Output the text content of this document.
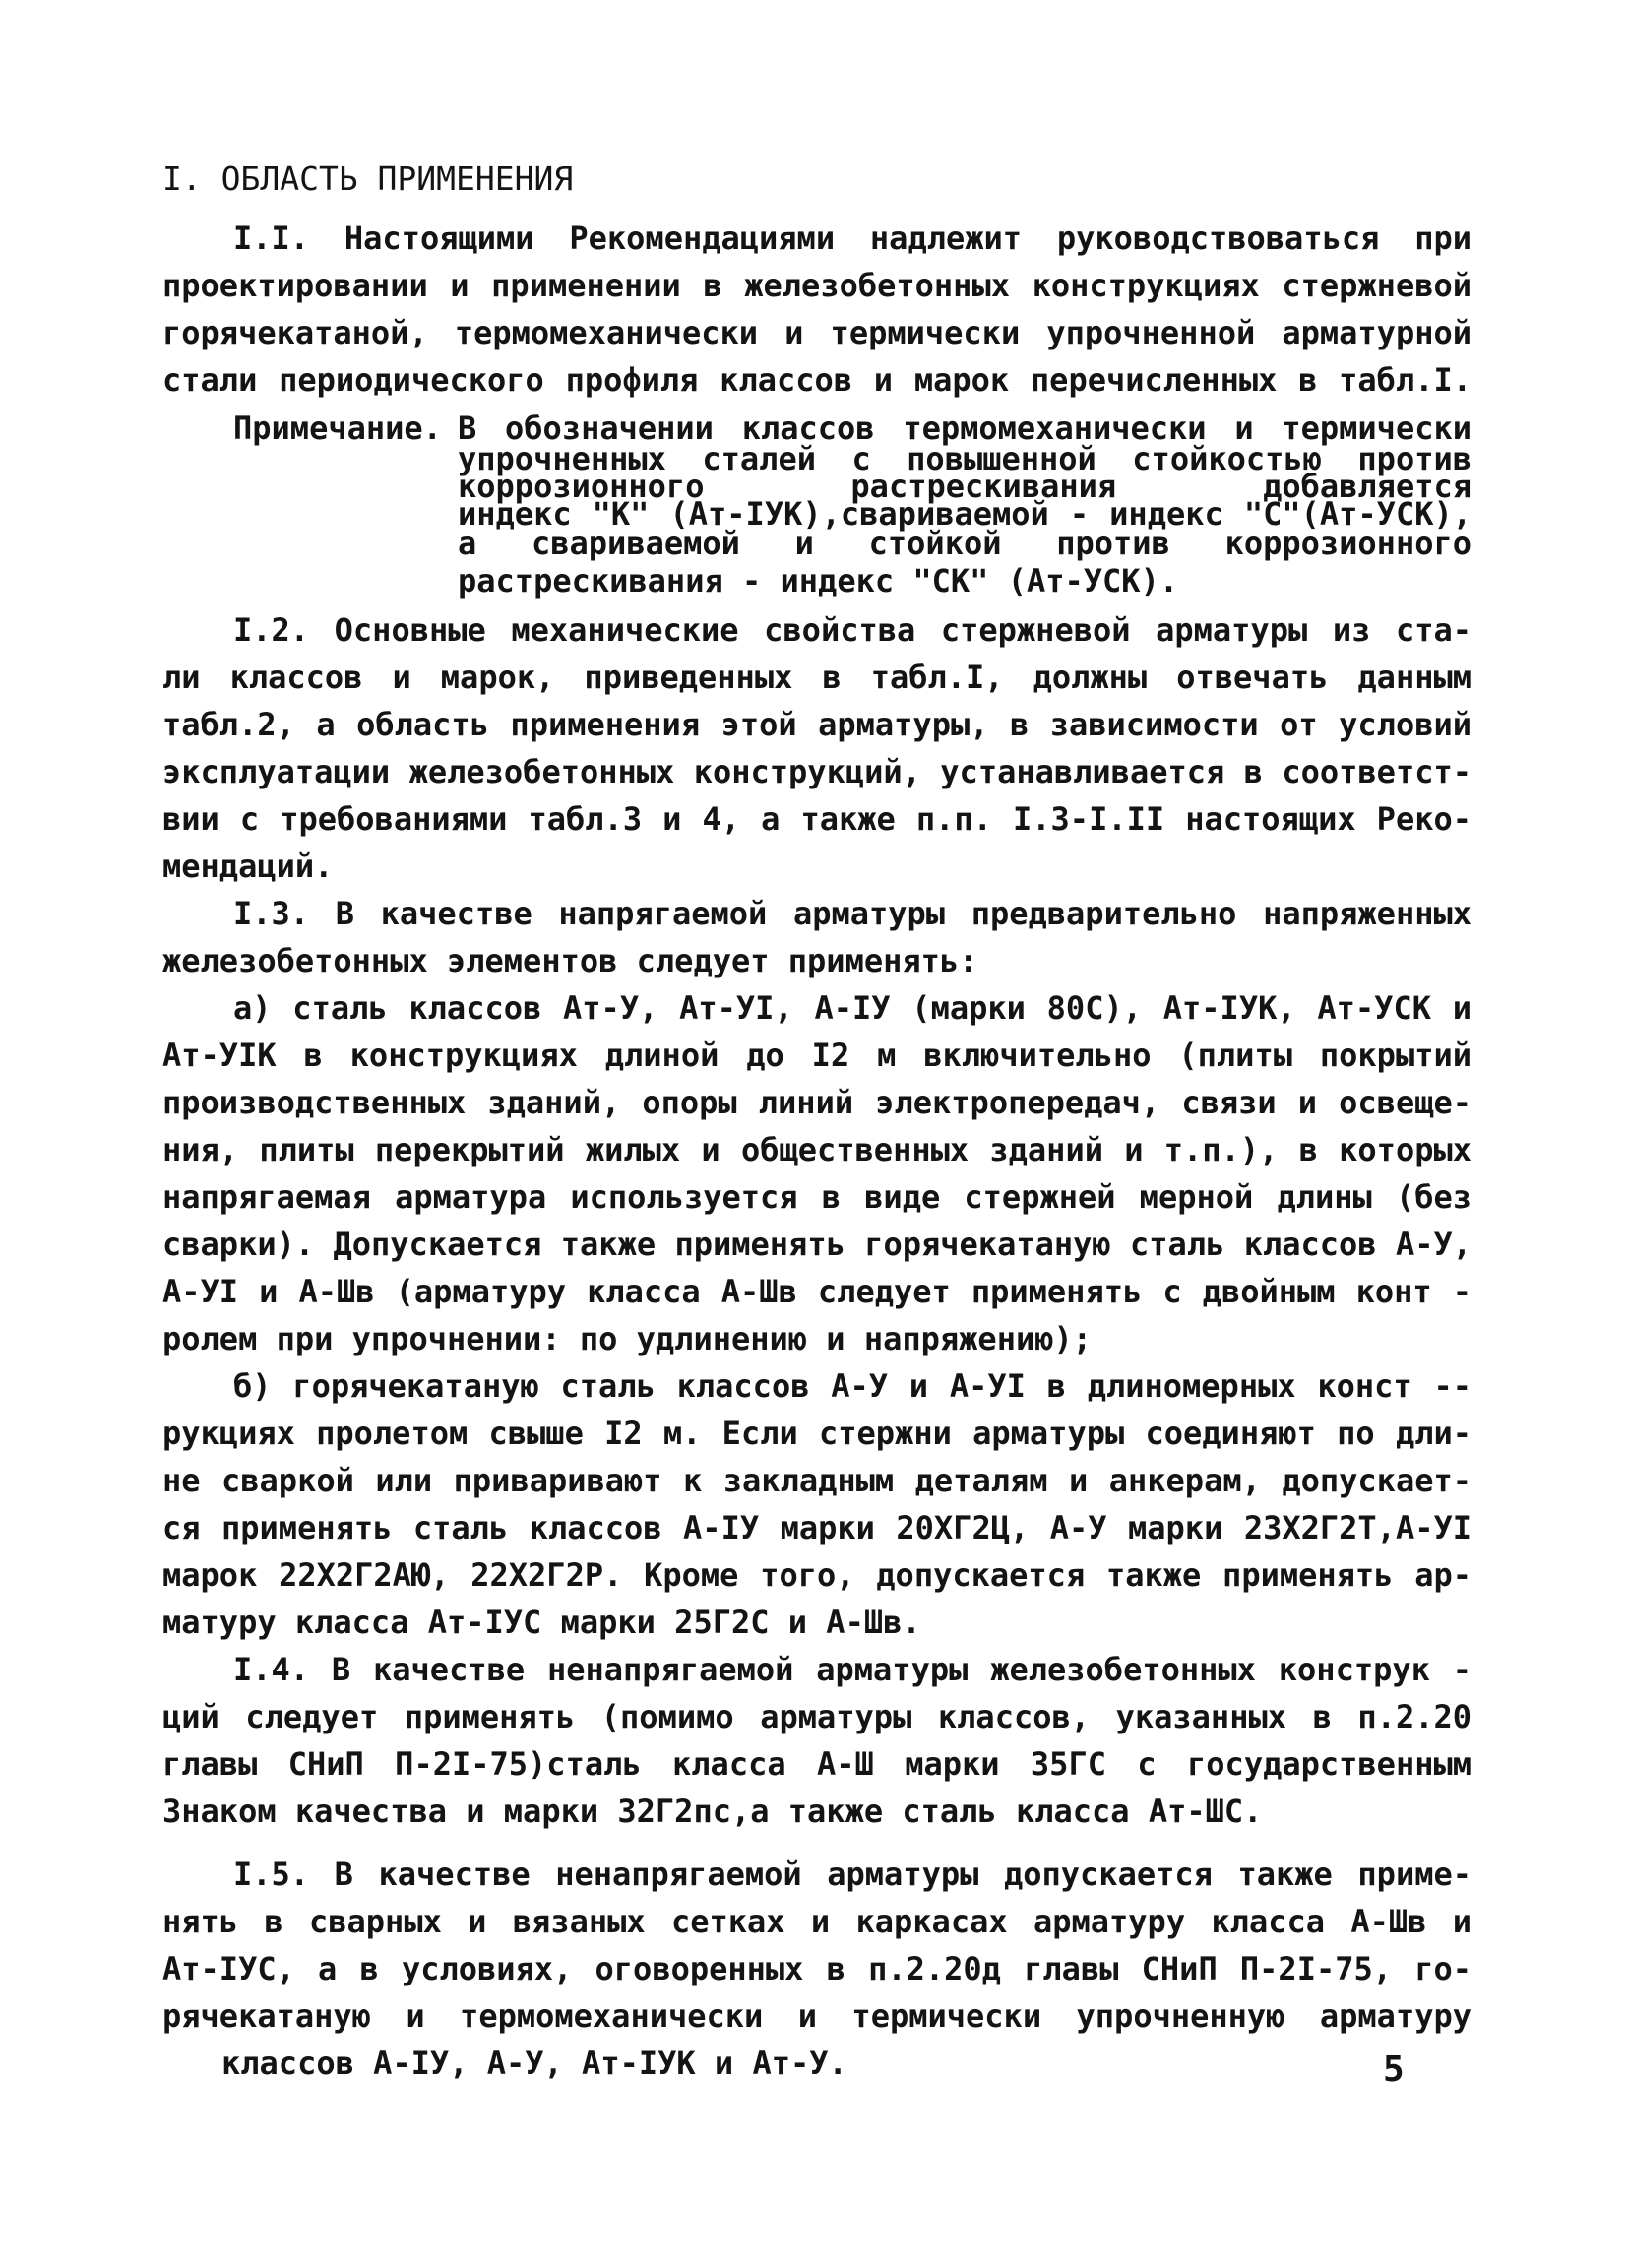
I. ОБЛАСТЬ ПРИМЕНЕНИЯ
I.I. Настоящими Рекомендациями надлежит руководствоваться при
проектировании и применении в железобетонных конструкциях стержневой
горячекатаной, термомеханически и термически упрочненной арматурной
стали периодического профиля классов и марок перечисленных в табл.I.
Примечание. В обозначении классов термомеханически и термически
упрочненных сталей с повышенной стойкостью против
коррозионного растрескивания добавляется
индекс "К" (Ат-IУК),свариваемой - индекс "С"(Ат-УСК),
а свариваемой и стойкой против коррозионного
растрескивания - индекс "СК" (Ат-УСК).
I.2. Основные механические свойства стержневой арматуры из ста-
ли классов и марок, приведенных в табл.I, должны отвечать данным
табл.2, а область применения этой арматуры, в зависимости от условий
эксплуатации железобетонных конструкций, устанавливается в соответст-
вии с требованиями табл.3 и 4, а также п.п. I.3-I.II настоящих Реко-
мендаций.
I.3. В качестве напрягаемой арматуры предварительно напряженных
железобетонных элементов следует применять:
а) сталь классов Ат-У, Ат-УI, А-IУ (марки 80С), Ат-IУК, Ат-УСК и
Ат-УIК в конструкциях длиной до I2 м включительно (плиты покрытий
производственных зданий, опоры линий электропередач, связи и освеще-
ния, плиты перекрытий жилых и общественных зданий и т.п.), в которых
напрягаемая арматура используется в виде стержней мерной длины (без
сварки). Допускается также применять горячекатаную сталь классов А-У,
А-УI и А-Шв (арматуру класса А-Шв следует применять с двойным конт -
ролем при упрочнении: по удлинению и напряжению);
б) горячекатаную сталь классов А-У и А-УI в длиномерных конст --
рукциях пролетом свыше I2 м. Если стержни арматуры соединяют по дли-
не сваркой или приваривают к закладным деталям и анкерам, допускает-
ся применять сталь классов А-IУ марки 20ХГ2Ц, А-У марки 23Х2Г2Т,А-УI
марок 22Х2Г2АЮ, 22Х2Г2Р. Кроме того, допускается также применять ар-
матуру класса Ат-IУС марки 25Г2С и А-Шв.
I.4. В качестве ненапрягаемой арматуры железобетонных конструк -
ций следует применять (помимо арматуры классов, указанных в п.2.20
главы СНиП П-2I-75)сталь класса А-Ш марки 35ГС с государственным
Знаком качества и марки 32Г2пс,а также сталь класса Ат-ШС.
I.5. В качестве ненапрягаемой арматуры допускается также приме-
нять в сварных и вязаных сетках и каркасах арматуру класса А-Шв и
Ат-IУС, а в условиях, оговоренных в п.2.20д главы СНиП П-2I-75, го-
рячекатаную и термомеханически и термически упрочненную арматуру
классов А-IУ, А-У, Ат-IУК и Ат-У.	5
